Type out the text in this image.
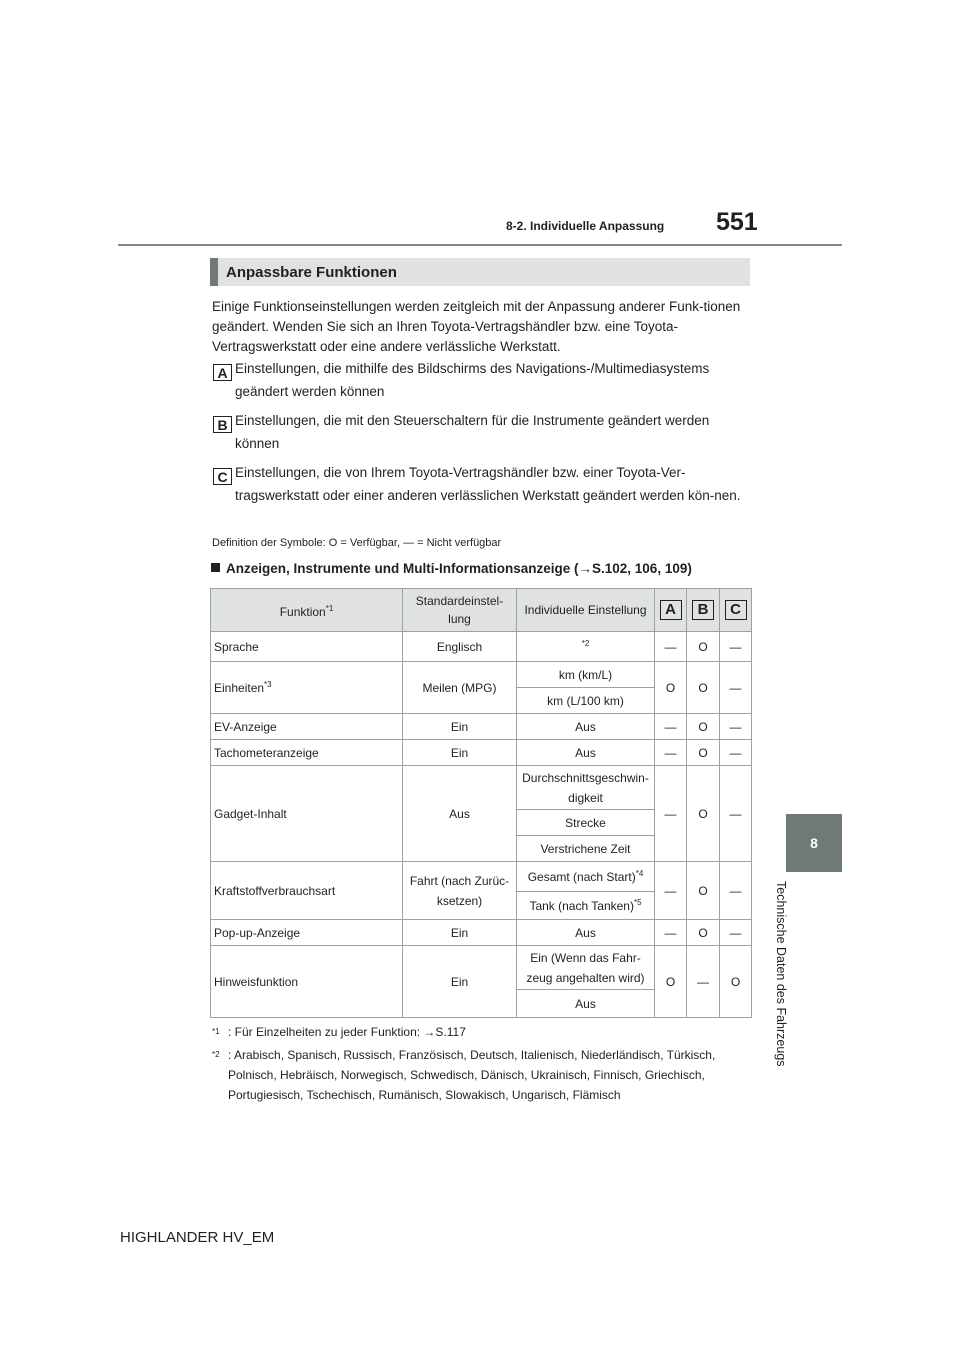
8-2. Individuelle Anpassung 551
8
Technische Daten des Fahrzeugs
Anpassbare Funktionen
Einige Funktionseinstellungen werden zeitgleich mit der Anpassung anderer Funk-tionen geändert. Wenden Sie sich an Ihren Toyota-Vertragshändler bzw. eine Toyota-Vertragswerkstatt oder eine andere verlässliche Werkstatt.
A Einstellungen, die mithilfe des Bildschirms des Navigations-/Multimediasystems geändert werden können
B Einstellungen, die mit den Steuerschaltern für die Instrumente geändert werden können
C Einstellungen, die von Ihrem Toyota-Vertragshändler bzw. einer Toyota-Ver-tragswerkstatt oder einer anderen verlässlichen Werkstatt geändert werden kön-nen.
Definition der Symbole: O = Verfügbar, — = Nicht verfügbar
Anzeigen, Instrumente und Multi-Informationsanzeige (→S.102, 106, 109)
Funktion$^{*1}$	Standardeinstel-lung	Individuelle Einstellung	A	B	C

Sprache	Englisch	$^{*2}$	—	O	—
Einheiten$^{*3}$	Meilen (MPG)	km (km/L)	O	O	—
		km (L/100 km)			
EV-Anzeige	Ein	Aus	—	O	—
Tachometeranzeige	Ein	Aus	—	O	—
Gadget-Inhalt	Aus	Durchschnittsgeschwin-digkeit	—	O	—
		Strecke			
		Verstrichene Zeit			
Kraftstoffverbrauchsart	Fahrt (nach Zurüc-ksetzen)	Gesamt (nach Start)$^{*4}$	—	O	—
		Tank (nach Tanken)$^{*5}$
Pop-up-Anzeige	Ein	Aus	—	O	—
Hinweisfunktion	Ein	Ein (Wenn das Fahr-zeug angehalten wird)	O	—	O
		Aus			
$^{*1}$ : Für Einzelheiten zu jeder Funktion: →S.117
$^{*2}$ : Arabisch, Spanisch, Russisch, Französisch, Deutsch, Italienisch, Niederländisch, Türkisch, Polnisch, Hebräisch, Norwegisch, Schwedisch, Dänisch, Ukrainisch, Finnisch, Griechisch, Portugiesisch, Tschechisch, Rumänisch, Slowakisch, Ungarisch, Flämisch
HIGHLANDER HV_EM
